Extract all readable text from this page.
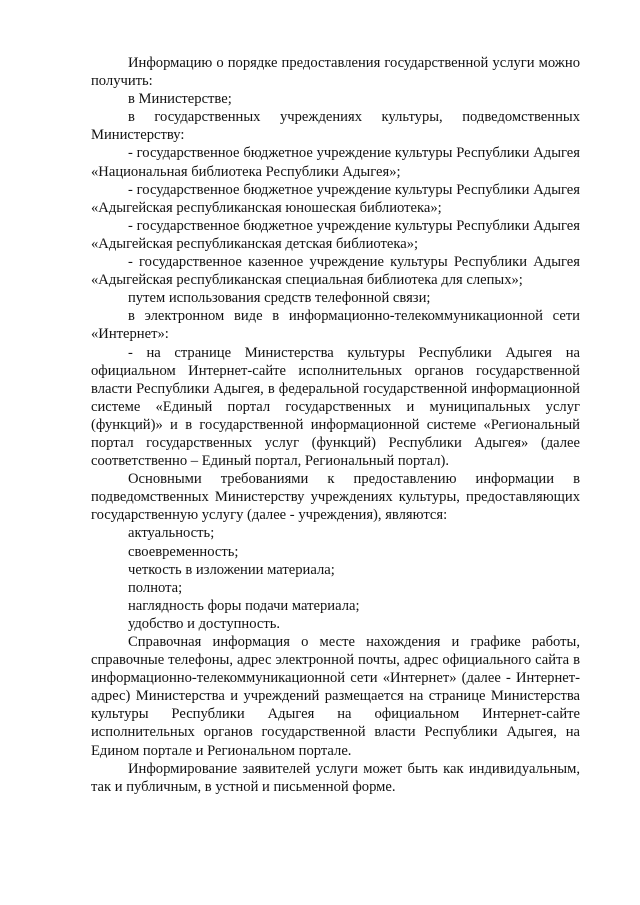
Информацию о порядке предоставления государственной услуги можно получить:

в Министерстве;

в государственных учреждениях культуры, подведомственных Министерству:

- государственное бюджетное учреждение культуры Республики Адыгея «Национальная библиотека Республики Адыгея»;

- государственное бюджетное учреждение культуры Республики Адыгея «Адыгейская республиканская юношеская библиотека»;

- государственное бюджетное учреждение культуры Республики Адыгея «Адыгейская республиканская детская библиотека»;

- государственное казенное учреждение культуры Республики Адыгея «Адыгейская республиканская специальная библиотека для слепых»;

путем использования средств телефонной связи;

в электронном виде в информационно-телекоммуникационной сети «Интернет»:

- на странице Министерства культуры Республики Адыгея на официальном Интернет-сайте исполнительных органов государственной власти Республики Адыгея, в федеральной государственной информационной системе «Единый портал государственных и муниципальных услуг (функций)» и в государственной информационной системе «Региональный портал государственных услуг (функций) Республики Адыгея» (далее соответственно – Единый портал, Региональный портал).

Основными требованиями к предоставлению информации в подведомственных Министерству учреждениях культуры, предоставляющих государственную услугу (далее - учреждения), являются:

актуальность;

своевременность;

четкость в изложении материала;

полнота;

наглядность форы подачи материала;

удобство и доступность.

Справочная информация о месте нахождения и графике работы, справочные телефоны, адрес электронной почты, адрес официального сайта в информационно-телекоммуникационной сети «Интернет» (далее - Интернет-адрес) Министерства и учреждений размещается на странице Министерства культуры Республики Адыгея на официальном Интернет-сайте исполнительных органов государственной власти Республики Адыгея, на Едином портале и Региональном портале.

Информирование заявителей услуги может быть как индивидуальным, так и публичным, в устной и письменной форме.
